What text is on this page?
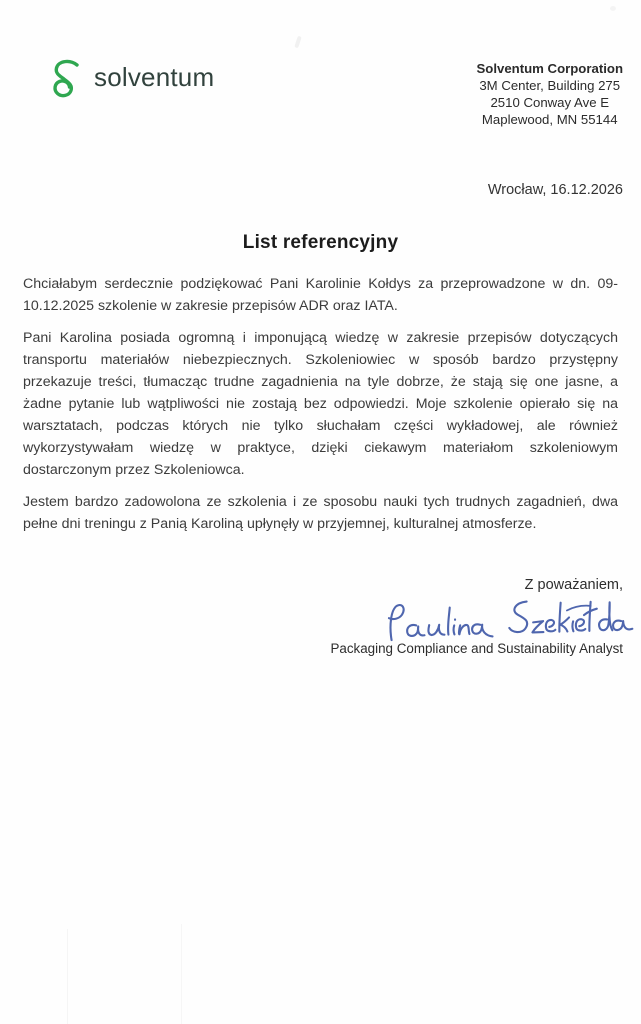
solventum	Solventum Corporation
3M Center, Building 275
2510 Conway Ave E
Maplewood, MN 55144
Wrocław, 16.12.2026
List referencyjny

Chciałabym serdecznie podziękować Pani Karolinie Kołdys za przeprowadzone w dn. 09-10.12.2025 szkolenie w zakresie przepisów ADR oraz IATA.

Pani Karolina posiada ogromną i imponującą wiedzę w zakresie przepisów dotyczących transportu materiałów niebezpiecznych. Szkoleniowiec w sposób bardzo przystępny przekazuje treści, tłumacząc trudne zagadnienia na tyle dobrze, że stają się one jasne, a żadne pytanie lub wątpliwości nie zostają bez odpowiedzi. Moje szkolenie opierało się na warsztatach, podczas których nie tylko słuchałam części wykładowej, ale również wykorzystywałam wiedzę w praktyce, dzięki ciekawym materiałom szkoleniowym dostarczonym przez Szkoleniowca.

Jestem bardzo zadowolona ze szkolenia i ze sposobu nauki tych trudnych zagadnień, dwa pełne dni treningu z Panią Karoliną upłynęły w przyjemnej, kulturalnej atmosferze.

Z poważaniem,
Packaging Compliance and Sustainability Analyst
